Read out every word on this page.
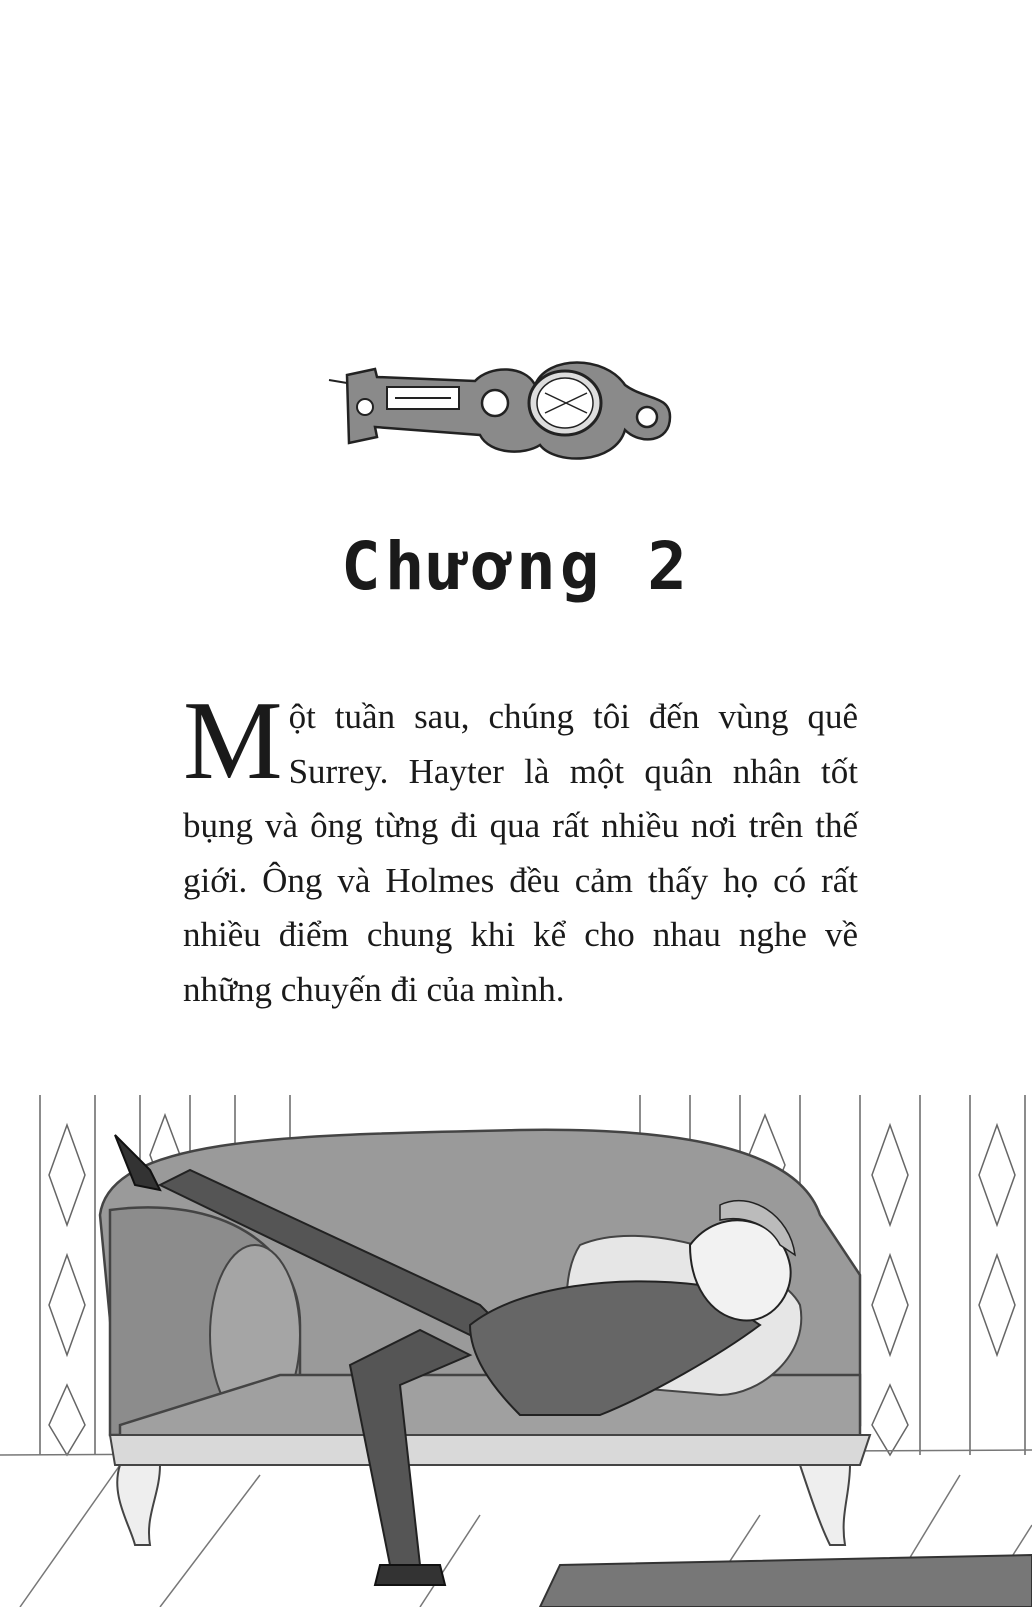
Chương 2

Một tuần sau, chúng tôi đến vùng quê Surrey. Hayter là một quân nhân tốt bụng và ông từng đi qua rất nhiều nơi trên thế giới. Ông và Holmes đều cảm thấy họ có rất nhiều điểm chung khi kể cho nhau nghe về những chuyến đi của mình.
